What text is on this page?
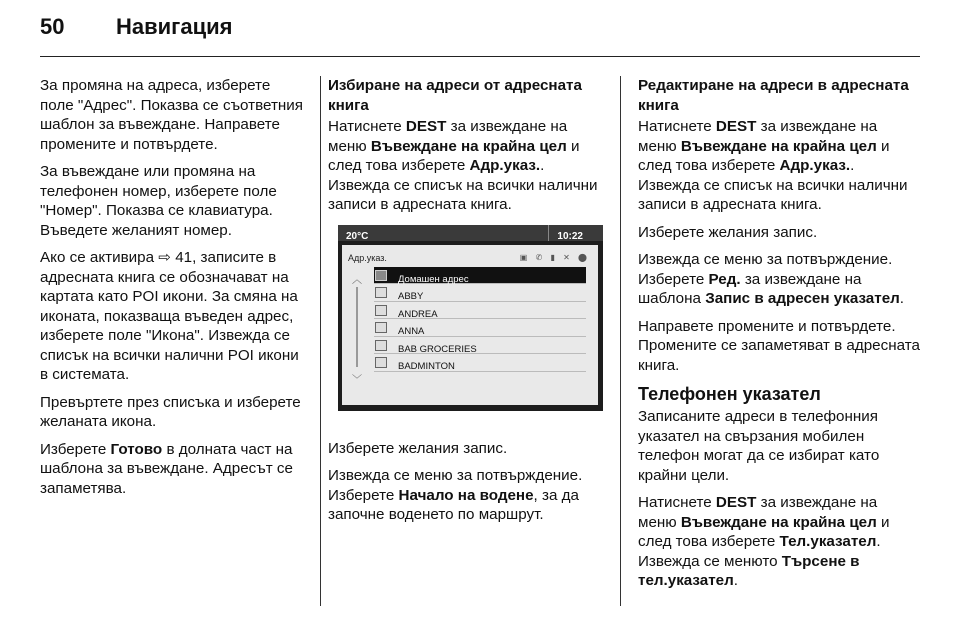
50 Навигация

За промяна на адреса, изберете поле "Адрес". Показва се съответния шаблон за въвеждане. Направете промените и потвърдете.

За въвеждане или промяна на телефонен номер, изберете поле "Номер". Показва се клавиатура. Въведете желаният номер.

Ако се активира ⇨ 41, записите в адресната книга се обозначават на картата като POI икони. За смяна на иконата, показваща въведен адрес, изберете поле "Икона". Извежда се списък на всички налични POI икони в системата.

Превъртете през списъка и изберете желаната икона.

Изберете Готово в долната част на шаблона за въвеждане. Адресът се запаметява.

Избиране на адреси от адресната книга

Натиснете DEST за извеждане на меню Въвеждане на крайна цел и след това изберете Адр.указ.. Извежда се списък на всички налични записи в адресната книга.

20°C	10:22
Адр.указ.	▣ ✆ ▮ ✕ ⬤
︿
﹀
Домашен адрес
ABBY
ANDREA
ANNA
BAB GROCERIES
BADMINTON

Изберете желания запис.

Извежда се меню за потвърждение. Изберете Начало на водене, за да започне воденето по маршрут.

Редактиране на адреси в адресната книга

Натиснете DEST за извеждане на меню Въвеждане на крайна цел и след това изберете Адр.указ.. Извежда се списък на всички налични записи в адресната книга.

Изберете желания запис.

Извежда се меню за потвърждение. Изберете Ред. за извеждане на шаблона Запис в адресен указател.

Направете промените и потвърдете. Промените се запаметяват в адресната книга.

Телефонен указател

Записаните адреси в телефонния указател на свързания мобилен телефон могат да се избират като крайни цели.

Натиснете DEST за извеждане на меню Въвеждане на крайна цел и след това изберете Тел.указател. Извежда се менюто Търсене в тел.указател.
